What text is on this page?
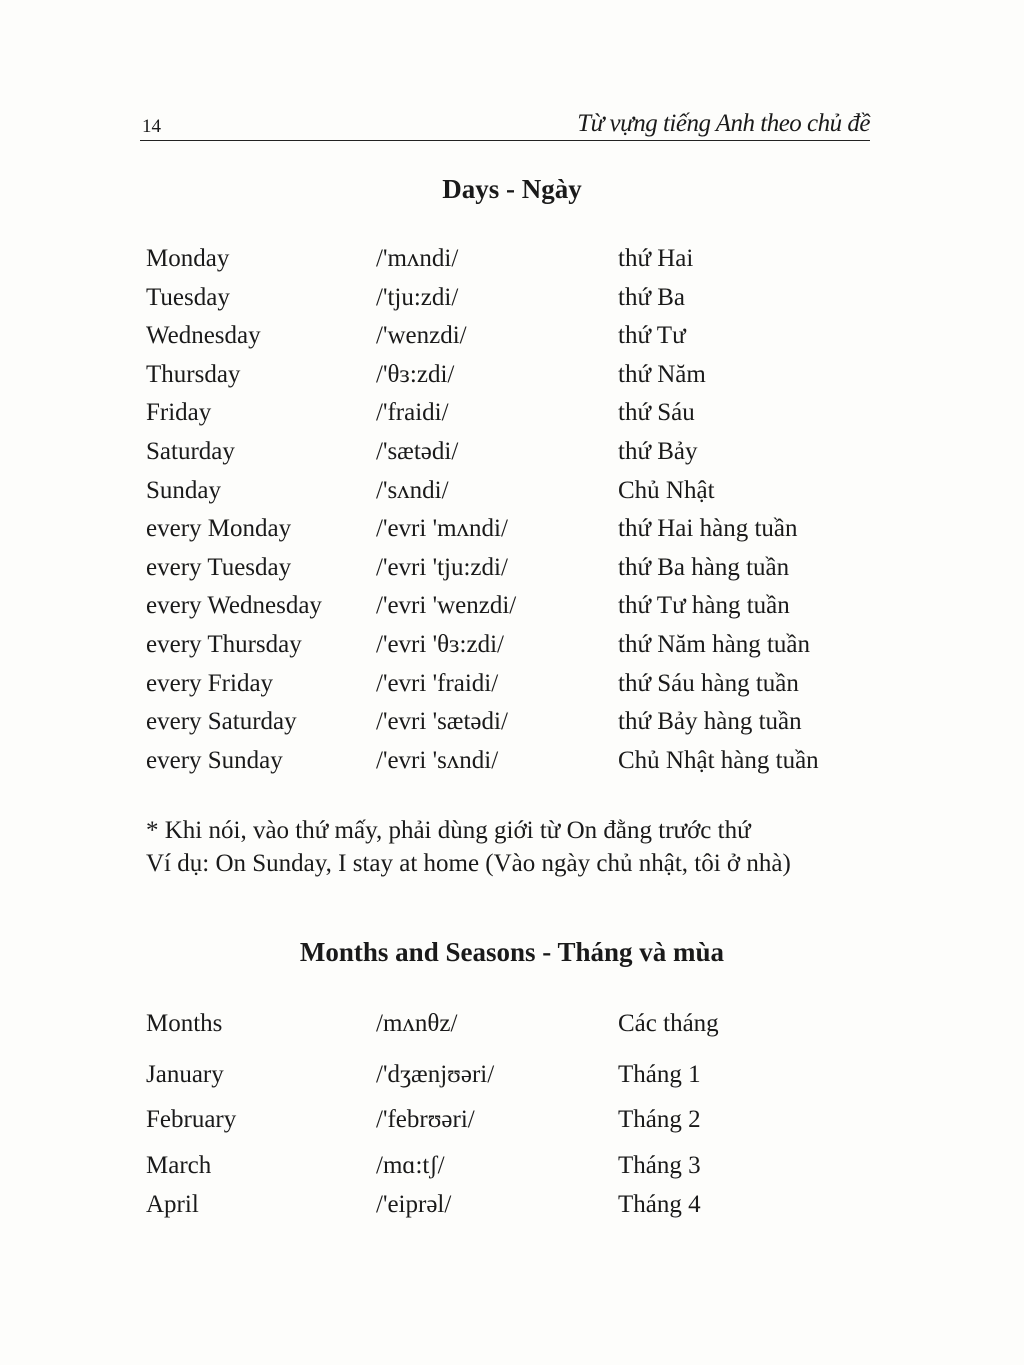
14	Từ vựng tiếng Anh theo chủ đề
Days - Ngày
Monday	/'mʌndi/	thứ Hai
Tuesday	/'tju:zdi/	thứ Ba
Wednesday	/'wenzdi/	thứ Tư
Thursday	/'θɜ:zdi/	thứ Năm
Friday	/'fraidi/	thứ Sáu
Saturday	/'sætədi/	thứ Bảy
Sunday	/'sʌndi/	Chủ Nhật
every Monday	/'evri 'mʌndi/	thứ Hai hàng tuần
every Tuesday	/'evri 'tju:zdi/	thứ Ba hàng tuần
every Wednesday /'evri 'wenzdi/	thứ Tư hàng tuần
every Thursday	/'evri 'θɜ:zdi/	thứ Năm hàng tuần
every Friday	/'evri 'fraidi/	thứ Sáu hàng tuần
every Saturday	/'evri 'sætədi/	thứ Bảy hàng tuần
every Sunday	/'evri 'sʌndi/	Chủ Nhật hàng tuần
* Khi nói, vào thứ mấy, phải dùng giới từ On đằng trước thứ
Ví dụ: On Sunday, I stay at home (Vào ngày chủ nhật, tôi ở nhà)
Months and Seasons - Tháng và mùa
Months	/mʌnθz/	Các tháng
January	/'dʒænjʊəri/	Tháng 1
February	/'febrʊəri/	Tháng 2
March	/mɑ:tʃ/	Tháng 3
April	/'eiprəl/	Tháng 4
